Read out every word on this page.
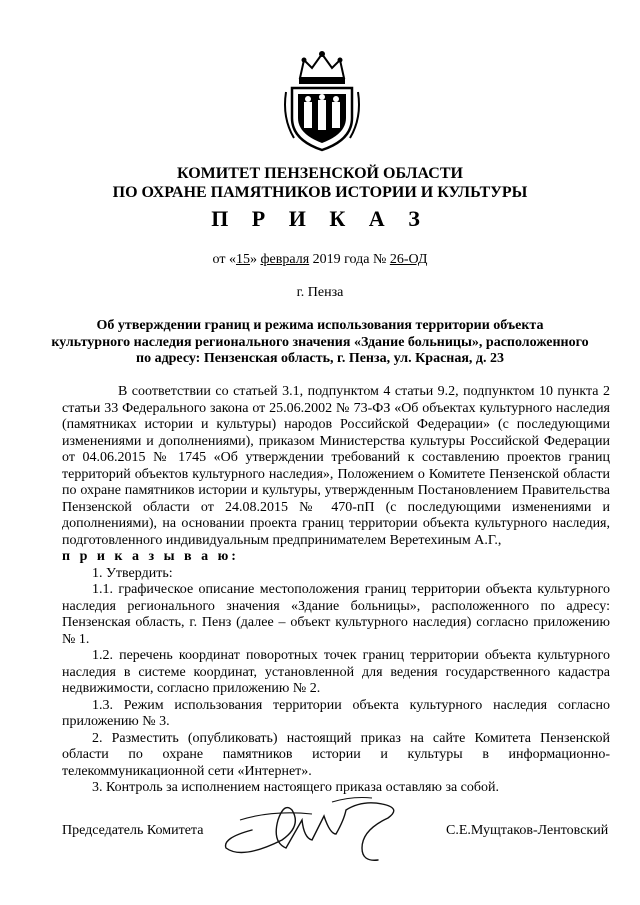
КОМИТЕТ ПЕНЗЕНСКОЙ ОБЛАСТИ
ПО ОХРАНЕ ПАМЯТНИКОВ ИСТОРИИ И КУЛЬТУРЫ
П Р И К А З
от «15» февраля 2019 года № 26-ОД
г. Пенза
Об утверждении границ и режима использования территории объекта
культурного наследия регионального значения «Здание больницы», расположенного
по адресу: Пензенская область, г. Пенза, ул. Красная, д. 23

В соответствии со статьей 3.1, подпунктом 4 статьи 9.2, подпунктом 10 пункта 2 статьи 33 Федерального закона от 25.06.2002 № 73-ФЗ «Об объектах культурного наследия (памятниках истории и культуры) народов Российской Федерации» (с последующими изменениями и дополнениями), приказом Министерства культуры Российской Федерации от 04.06.2015 № 1745 «Об утверждении требований к составлению проектов границ территорий объектов культурного наследия», Положением о Комитете Пензенской области по охране памятников истории и культуры, утвержденным Постановлением Правительства Пензенской области от 24.08.2015 № 470-пП (с последующими изменениями и дополнениями), на основании проекта границ территории объекта культурного наследия, подготовленного индивидуальным предпринимателем Веретехиным А.Г.,

п р и к а з ы в а ю:

1. Утвердить:

1.1. графическое описание местоположения границ территории объекта культурного наследия регионального значения «Здание больницы», расположенного по адресу: Пензенская область, г. Пенз (далее – объект культурного наследия) согласно приложению № 1.

1.2. перечень координат поворотных точек границ территории объекта культурного наследия в системе координат, установленной для ведения государственного кадастра недвижимости, согласно приложению № 2.

1.3. Режим использования территории объекта культурного наследия согласно приложению № 3.

2. Разместить (опубликовать) настоящий приказ на сайте Комитета Пензенской области по охране памятников истории и культуры в информационно-телекоммуникационной сети «Интернет».

3. Контроль за исполнением настоящего приказа оставляю за собой.

Председатель Комитета	С.Е.Мущтаков-Лентовский
